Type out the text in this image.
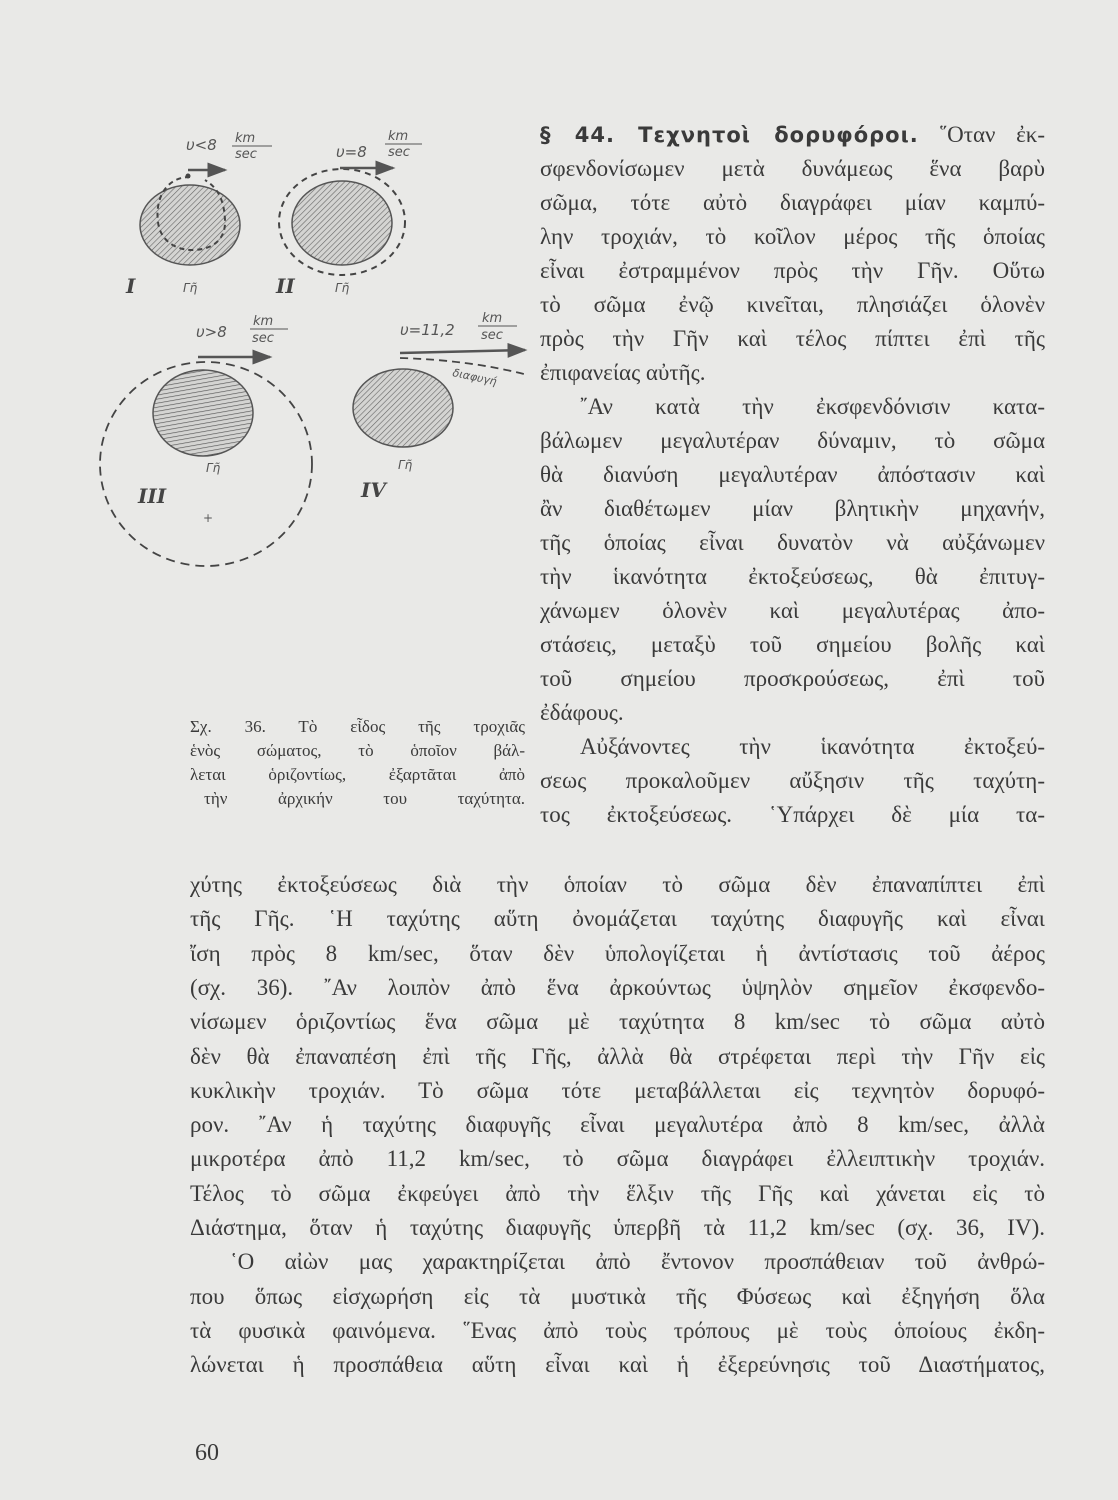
υ<8 km
sec
I	Γῆ
υ=8
km
sec
II	Γῆ
υ>8
km
sec
III
Γῆ
+
υ=11,2
km
sec
διαφυγή
IV
Γῆ
Σχ. 36. Τὸ εἶδος τῆς τροχιᾶς
ἑνὸς σώματος, τὸ ὁποῖον βάλ-
λεται ὁριζοντίως, ἐξαρτᾶται ἀπὸ
τὴν ἀρχικήν του ταχύτητα.
§ 44. Τεχνητοὶ δορυφόροι. ῞Οταν ἐκ-
σφενδονίσωμεν μετὰ δυνάμεως ἕνα βαρὺ
σῶμα, τότε αὐτὸ διαγράφει μίαν καμπύ-
λην τροχιάν, τὸ κοῖλον μέρος τῆς ὁποίας
εἶναι ἐστραμμένον πρὸς τὴν Γῆν. Οὕτω
τὸ σῶμα ἐνῷ κινεῖται, πλησιάζει ὁλονὲν
πρὸς τὴν Γῆν καὶ τέλος πίπτει ἐπὶ τῆς
ἐπιφανείας αὐτῆς.
῎Αν κατὰ τὴν ἐκσφενδόνισιν κατα-
βάλωμεν μεγαλυτέραν δύναμιν, τὸ σῶμα
θὰ διανύση μεγαλυτέραν ἀπόστασιν καὶ
ἂν διαθέτωμεν μίαν βλητικὴν μηχανήν,
τῆς ὁποίας εἶναι δυνατὸν νὰ αὐξάνωμεν
τὴν ἱκανότητα ἐκτοξεύσεως, θὰ ἐπιτυγ-
χάνωμεν ὁλονὲν καὶ μεγαλυτέρας ἀπο-
στάσεις, μεταξὺ τοῦ σημείου βολῆς καὶ
τοῦ σημείου προσκρούσεως, ἐπὶ τοῦ
ἐδάφους.
Αὐξάνοντες τὴν ἱκανότητα ἐκτοξεύ-
σεως προκαλοῦμεν αὔξησιν τῆς ταχύτη-
τος ἐκτοξεύσεως. ῾Υπάρχει δὲ μία τα-
χύτης ἐκτοξεύσεως διὰ τὴν ὁποίαν τὸ σῶμα δὲν ἐπαναπίπτει ἐπὶ
τῆς Γῆς. ῾Η ταχύτης αὕτη ὀνομάζεται ταχύτης διαφυγῆς καὶ εἶναι
ἴση πρὸς 8 km/sec, ὅταν δὲν ὑπολογίζεται ἡ ἀντίστασις τοῦ ἀέρος
(σχ. 36). ῎Αν λοιπὸν ἀπὸ ἕνα ἀρκούντως ὑψηλὸν σημεῖον ἐκσφενδο-
νίσωμεν ὁριζοντίως ἕνα σῶμα μὲ ταχύτητα 8 km/sec τὸ σῶμα αὐτὸ
δὲν θὰ ἐπαναπέση ἐπὶ τῆς Γῆς, ἀλλὰ θὰ στρέφεται περὶ τὴν Γῆν εἰς
κυκλικὴν τροχιάν. Τὸ σῶμα τότε μεταβάλλεται εἰς τεχνητὸν δορυφό-
ρον. ῎Αν ἡ ταχύτης διαφυγῆς εἶναι μεγαλυτέρα ἀπὸ 8 km/sec, ἀλλὰ
μικροτέρα ἀπὸ 11,2 km/sec, τὸ σῶμα διαγράφει ἐλλειπτικὴν τροχιάν.
Τέλος τὸ σῶμα ἐκφεύγει ἀπὸ τὴν ἕλξιν τῆς Γῆς καὶ χάνεται εἰς τὸ
Διάστημα, ὅταν ἡ ταχύτης διαφυγῆς ὑπερβῆ τὰ 11,2 km/sec (σχ. 36, IV).
῾Ο αἰὼν μας χαρακτηρίζεται ἀπὸ ἔντονον προσπάθειαν τοῦ ἀνθρώ-
που ὅπως εἰσχωρήση εἰς τὰ μυστικὰ τῆς Φύσεως καὶ ἐξηγήση ὅλα
τὰ φυσικὰ φαινόμενα. ῞Ενας ἀπὸ τοὺς τρόπους μὲ τοὺς ὁποίους ἐκδη-
λώνεται ἡ προσπάθεια αὕτη εἶναι καὶ ἡ ἐξερεύνησις τοῦ Διαστήματος,
60
